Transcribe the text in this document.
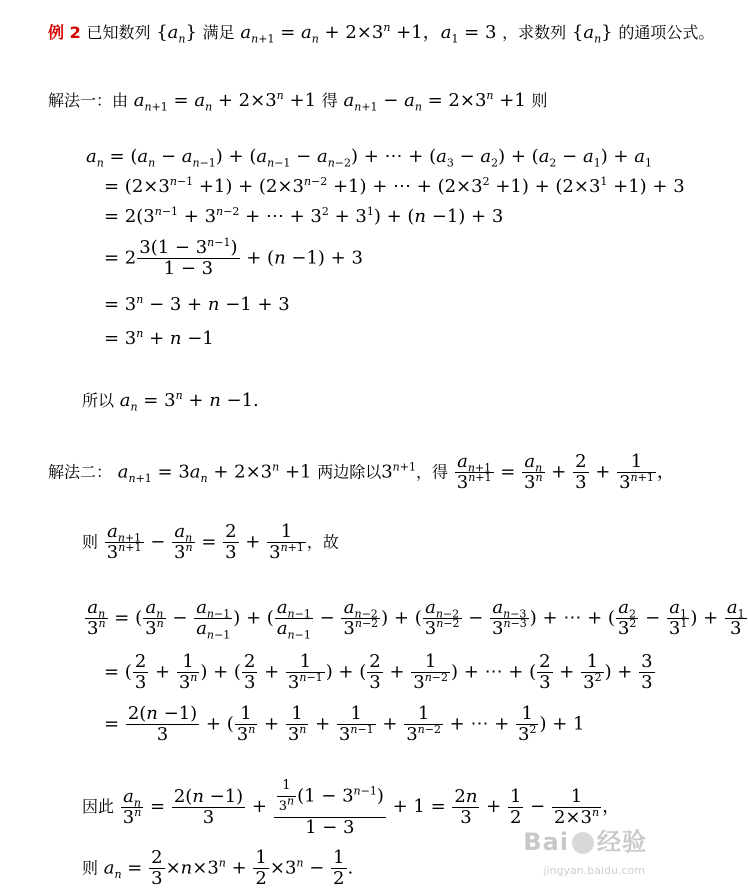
例 2 已知数列 $\{a_n\}$ 满足 $a_{n+1} = a_n + 2\times 3^n +1$，$a_1 = 3$ ，求数列 $\{a_n\}$ 的通项公式。
解法一：由 $a_{n+1} = a_n + 2\times 3^n +1$ 得 $a_{n+1} - a_n = 2\times 3^n +1$ 则
$a_n = (a_n - a_{n-1}) + (a_{n-1} - a_{n-2})$ + ⋯ + $(a_3 - a_2) + (a_2 - a_1) + a_1$
= $(2\times 3^{n-1} +1) + (2\times 3^{n-2} +1)$ + ⋯ + $(2\times 3^2 +1) + (2\times 3^1 +1) + 3$
= $2(3^{n-1} + 3^{n-2}$ + ⋯ + $3^2 + 3^1) + (n -1) + 3$
= $2 \frac{3(1 - 3^{n-1})}{1 - 3} + (n -1) + 3$
= $3^n - 3 + n -1 + 3$
= $3^n + n -1$
所以 $a_n = 3^n + n -1$.
解法二： $a_{n+1} = 3a_n + 2\times 3^n +1$ 两边除以$3^{n+1}$，得 $\frac{a_{n+1}}{3^{n+1}} = \frac{a_n}{3^n} + \frac{2}{3} + \frac{1}{3^{n+1}}$ ，
则 $\frac{a_{n+1}}{3^{n+1}} - \frac{a_n}{3^n} = \frac{2}{3} + \frac{1}{3^{n+1}}$ ，故
$\frac{a_n}{3^n}$ = ( $\frac{a_n}{3^n} - \frac{a_{n-1}}{a_{n-1}}$ ) + ( $\frac{a_{n-1}}{a_{n-1}} - \frac{a_{n-2}}{3^{n-2}}$ ) + ( $\frac{a_{n-2}}{3^{n-2}} - \frac{a_{n-3}}{3^{n-3}}$ ) + ⋯ + ( $\frac{a_2}{3^2} - \frac{a_1}{3^1}$ ) + $\frac{a_1}{3}$
= ( $\frac{2}{3} + \frac{1}{3^n}$ ) + ( $\frac{2}{3} + \frac{1}{3^{n-1}}$ ) + ( $\frac{2}{3} + \frac{1}{3^{n-2}}$ ) + ⋯ + ( $\frac{2}{3} + \frac{1}{3^2}$ ) + $\frac{3}{3}$
= $\frac{2(n -1)}{3}$ + ( $\frac{1}{3^n} + \frac{1}{3^n} + \frac{1}{3^{n-1}} + \frac{1}{3^{n-2}}$ + ⋯ + $\frac{1}{3^2}$ ) + 1
因此 $\frac{a_n}{3^n} = \frac{2(n -1)}{3} + \frac{\frac{1}{3^n} (1 - 3^{n-1})}{1 - 3} + 1 = \frac{2n}{3} + \frac{1}{2} - \frac{1}{2\times 3^n}$ ，
则 $a_n = \frac{2}{3} \times n\times 3^n + \frac{1}{2} \times 3^n - \frac{1}{2}$ .
Bai 经验
jingyan.baidu.com
